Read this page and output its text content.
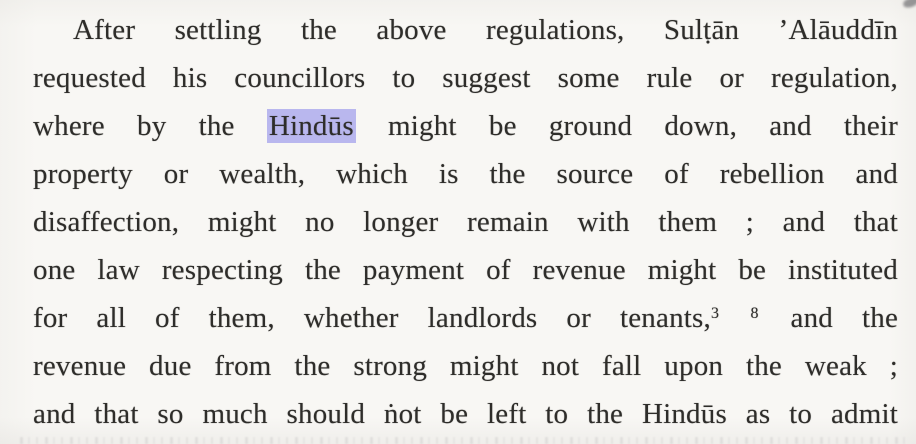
After settling the above regulations, Sulṭān ’Alāuddīn
requested his councillors to suggest some rule or regulation,
where by the Hindūs might be ground down, and their
property or wealth, which is the source of rebellion and
disaffection, might no longer remain with them ; and that
one law respecting the payment of revenue might be instituted
for all of them, whether landlords or tenants,$^{3 8}$ and the
revenue due from the strong might not fall upon the weak ;
and that so much should ṅot be left to the Hindūs as to admit
